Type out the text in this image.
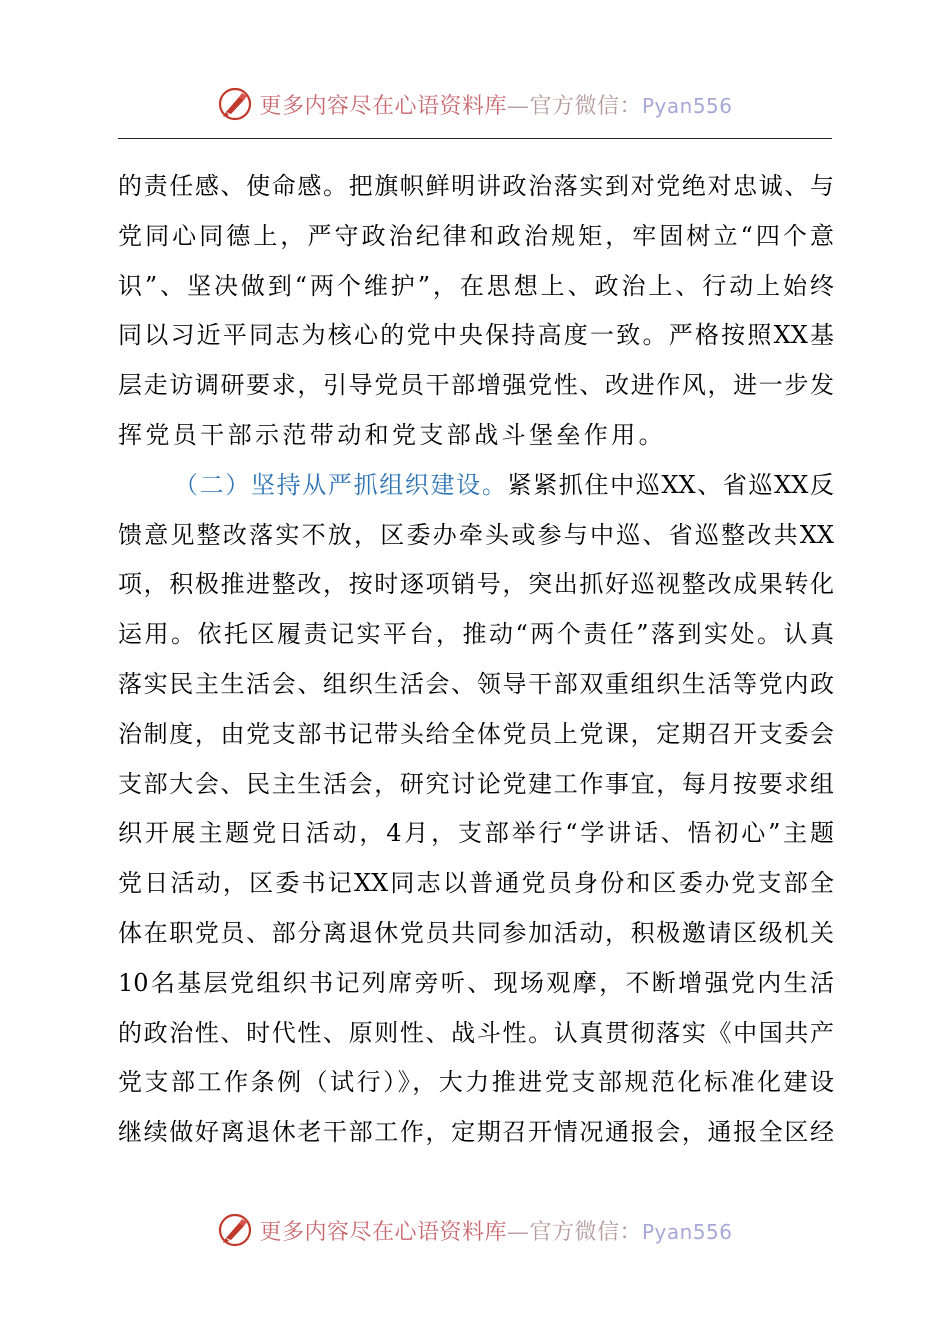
更多内容尽在心语资料库—官方微信：Pyan556
的责任感、使命感。把旗帜鲜明讲政治落实到对党绝对忠诚、与
党同心同德上，严守政治纪律和政治规矩，牢固树立“四个意
识”、坚决做到“两个维护”，在思想上、政治上、行动上始终
同以习近平同志为核心的党中央保持高度一致。严格按照XX基
层走访调研要求，引导党员干部增强党性、改进作风，进一步发
挥党员干部示范带动和党支部战斗堡垒作用。
（二）坚持从严抓组织建设。紧紧抓住中巡XX、省巡XX反
馈意见整改落实不放，区委办牵头或参与中巡、省巡整改共XX
项，积极推进整改，按时逐项销号，突出抓好巡视整改成果转化
运用。依托区履责记实平台，推动“两个责任”落到实处。认真
落实民主生活会、组织生活会、领导干部双重组织生活等党内政
治制度，由党支部书记带头给全体党员上党课，定期召开支委会
支部大会、民主生活会，研究讨论党建工作事宜，每月按要求组
织开展主题党日活动，4月，支部举行“学讲话、悟初心”主题
党日活动，区委书记XX同志以普通党员身份和区委办党支部全
体在职党员、部分离退休党员共同参加活动，积极邀请区级机关
10名基层党组织书记列席旁听、现场观摩，不断增强党内生活
的政治性、时代性、原则性、战斗性。认真贯彻落实《中国共产
党支部工作条例（试行）》，大力推进党支部规范化标准化建设
继续做好离退休老干部工作，定期召开情况通报会，通报全区经
更多内容尽在心语资料库—官方微信：Pyan556
